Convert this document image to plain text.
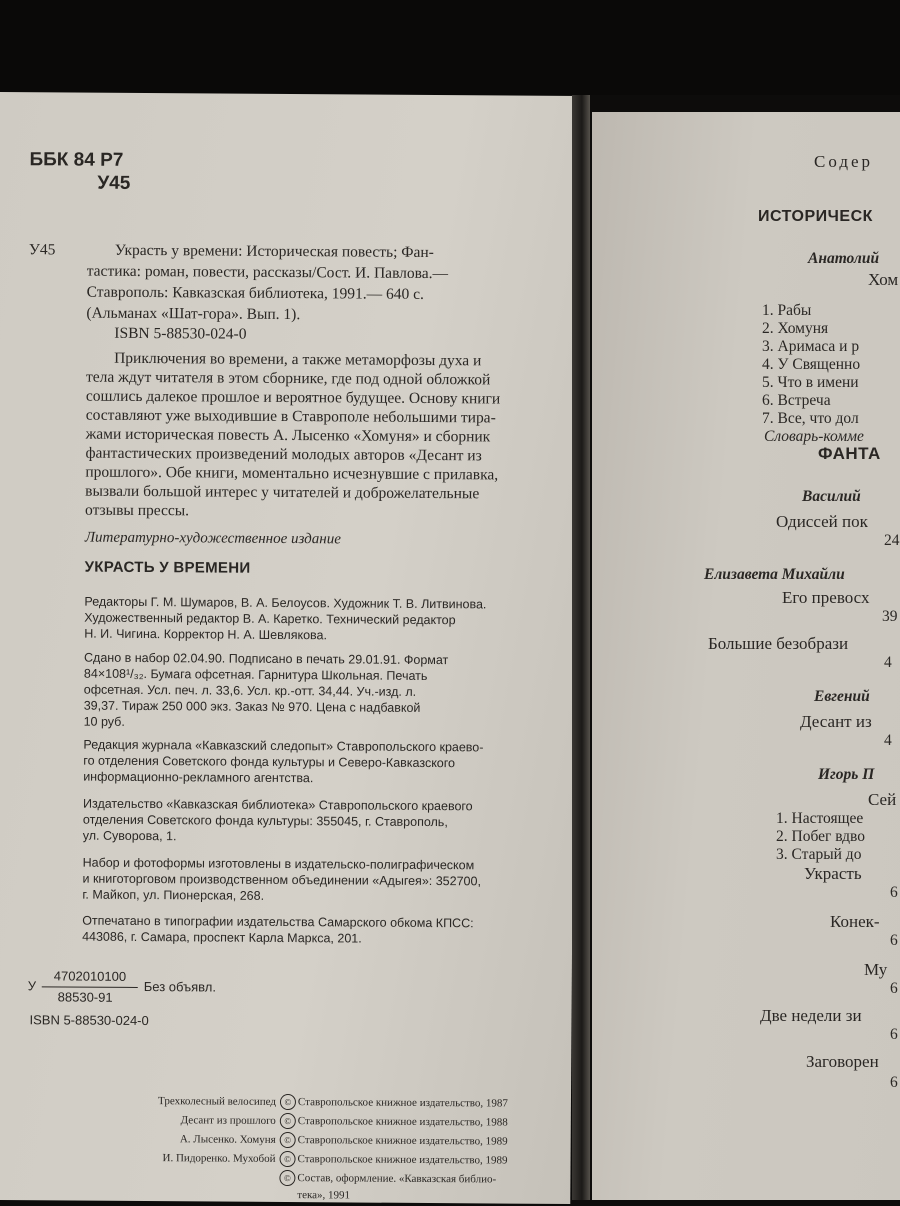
ББК 84 Р7
У45
У45	Украсть у времени: Историческая повесть; Фан-
тастика: роман, повести, рассказы/Сост. И. Павлова.—
Ставрополь: Кавказская библиотека, 1991.— 640 с.
(Альманах «Шат-гора». Вып. 1).
ISBN 5-88530-024-0
Приключения во времени, а также метаморфозы духа и
тела ждут читателя в этом сборнике, где под одной обложкой
сошлись далекое прошлое и вероятное будущее. Основу книги
составляют уже выходившие в Ставрополе небольшими тира-
жами историческая повесть А. Лысенко «Хомуня» и сборник
фантастических произведений молодых авторов «Десант из
прошлого». Обе книги, моментально исчезнувшие с прилавка,
вызвали большой интерес у читателей и доброжелательные
отзывы прессы.
Литературно-художественное издание
УКРАСТЬ У ВРЕМЕНИ
Редакторы Г. М. Шумаров, В. А. Белоусов. Художник Т. В. Литвинова.
Художественный редактор В. А. Каретко. Технический редактор
Н. И. Чигина. Корректор Н. А. Шевлякова.
Сдано в набор 02.04.90. Подписано в печать 29.01.91. Формат
84×108¹/₃₂. Бумага офсетная. Гарнитура Школьная. Печать
офсетная. Усл. печ. л. 33,6. Усл. кр.-отт. 34,44. Уч.-изд. л.
39,37. Тираж 250 000 экз. Заказ № 970. Цена с надбавкой
10 руб.
Редакция журнала «Кавказский следопыт» Ставропольского краево-
го отделения Советского фонда культуры и Северо-Кавказского
информационно-рекламного агентства.
Издательство «Кавказская библиотека» Ставропольского краевого
отделения Советского фонда культуры: 355045, г. Ставрополь,
ул. Суворова, 1.
Набор и фотоформы изготовлены в издательско-полиграфическом
и книготорговом производственном объединении «Адыгея»: 352700,
г. Майкоп, ул. Пионерская, 268.
Отпечатано в типографии издательства Самарского обкома КПСС:
443086, г. Самара, проспект Карла Маркса, 201.
У
4702010100
88530-91
Без объявл.
ISBN 5-88530-024-0
Трехколесный велосипед © Ставропольское книжное издательство, 1987
Десант из прошлого © Ставропольское книжное издательство, 1988
А. Лысенко. Хомуня © Ставропольское книжное издательство, 1989
И. Пидоренко. Мухобой © Ставропольское книжное издательство, 1989
© Состав, оформление. «Кавказская библио-
тека», 1991
Содер
ИСТОРИЧЕСК
Анатолий
Хом
1. Рабы
2. Хомуня
3. Аримаса и р
4. У Священно
5. Что в имени
6. Встреча
7. Все, что дол
Словарь-комме
ФАНТА
Василий
Одиссей пок
24
Елизавета Михайли
Его превосх
39
Большие безобрази
4
Евгений
Десант из
4
Игорь П
Сей
1. Настоящее
2. Побег вдво
3. Старый до
Украсть
6
Конек-
6
Му
6
Две недели зи
6
Заговорен
6
